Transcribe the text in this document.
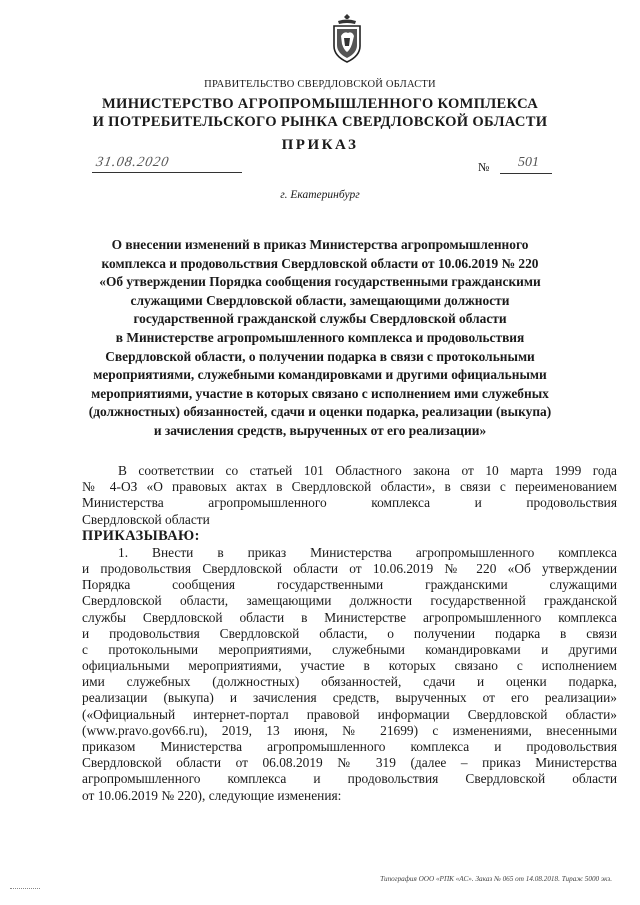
ПРАВИТЕЛЬСТВО СВЕРДЛОВСКОЙ ОБЛАСТИ
МИНИСТЕРСТВО АГРОПРОМЫШЛЕННОГО КОМПЛЕКСА
И ПОТРЕБИТЕЛЬСКОГО РЫНКА СВЕРДЛОВСКОЙ ОБЛАСТИ
ПРИКАЗ
31.08.2020	№ 501
г. Екатеринбург
О внесении изменений в приказ Министерства агропромышленного
комплекса и продовольствия Свердловской области от 10.06.2019 № 220
«Об утверждении Порядка сообщения государственными гражданскими
служащими Свердловской области, замещающими должности
государственной гражданской службы Свердловской области
в Министерстве агропромышленного комплекса и продовольствия
Свердловской области, о получении подарка в связи с протокольными
мероприятиями, служебными командировками и другими официальными
мероприятиями, участие в которых связано с исполнением ими служебных
(должностных) обязанностей, сдачи и оценки подарка, реализации (выкупа)
и зачисления средств, вырученных от его реализации»
В соответствии со статьей 101 Областного закона от 10 марта 1999 года
№ 4-ОЗ «О правовых актах в Свердловской области», в связи с переименованием
Министерства агропромышленного комплекса и продовольствия
Свердловской области
ПРИКАЗЫВАЮ:
1. Внести в приказ Министерства агропромышленного комплекса
и продовольствия Свердловской области от 10.06.2019 № 220 «Об утверждении
Порядка сообщения государственными гражданскими служащими
Свердловской области, замещающими должности государственной гражданской
службы Свердловской области в Министерстве агропромышленного комплекса
и продовольствия Свердловской области, о получении подарка в связи
с протокольными мероприятиями, служебными командировками и другими
официальными мероприятиями, участие в которых связано с исполнением
ими служебных (должностных) обязанностей, сдачи и оценки подарка,
реализации (выкупа) и зачисления средств, вырученных от его реализации»
(«Официальный интернет-портал правовой информации Свердловской области»
(www.pravo.gov66.ru), 2019, 13 июня, № 21699) с изменениями, внесенными
приказом Министерства агропромышленного комплекса и продовольствия
Свердловской области от 06.08.2019 № 319 (далее – приказ Министерства
агропромышленного комплекса и продовольствия Свердловской области
от 10.06.2019 № 220), следующие изменения:
Типография ООО «РПК «АС». Заказ № 065 от 14.08.2018. Тираж 5000 экз.
